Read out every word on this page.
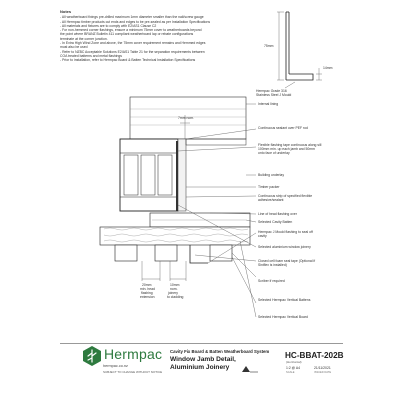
Notes
- All weatherboard fixings pre-drilled maximum 1mm diameter smaller than the nail/screw gauge
- All Hermpac timber products cut ends and edges to be pre-sealed as per Installation Specifications
- All materials and fixtures are to comply with E2/AS1 Clause C2
- For non-hemmed corner flashings, ensure a minimum 75mm cover to weatherboards beyond
the point where BRANZ Bulletin 411 compliant weatherboard lap or rebate configurations
terminate at the corner junction.
- In Extra High Wind Zone and above, the 75mm cover requirement remains and Hemmed edges
must also be used
- Refer to NZBC Acceptable Solutions E2/AS1 Table 21 for the separation requirements between
COA treated batterns and metal flashings
- Prior to installation, refer to Hermpac Board & Batten Technical Installation Specifications
75mm
14mm
Hermpac Grade 316
Stainless Steel J Mould
7mm nom.
20mm
min. head
flashing
extension
10mm
nom.
joinery
to cladding
Internal lining
Continuous sealant over PEF rod
Flexible flashing tape continuous along sill 100mm min. up each jamb and 50mm onto face of underlay
Building underlay
Timber packer
Continuous strip of specified flexible adhesive/sealant
Line of head flashing over
Selected Cavity Batten
Hermpac J Mould flashing to seal off cavity
Selected aluminium window joinery
Closed cell foam seal tape (Optional if Siniflex is installed)
Scriber if required
Selected Hermpac Vertical Battens
Selected Hermpac Vertical Board
Hermpac
hermpac.co.nz
SUBJECT TO CHANGE WITHOUT NOTICE
Cavity Fix Board & Batten Weatherboard System
Window Jamb Detail,
Aluminium Joinery
HC-BBAT-202B
(Horizontal)
1:2 @ A4
SCALE
21/11/2021
ISSUED DATE
